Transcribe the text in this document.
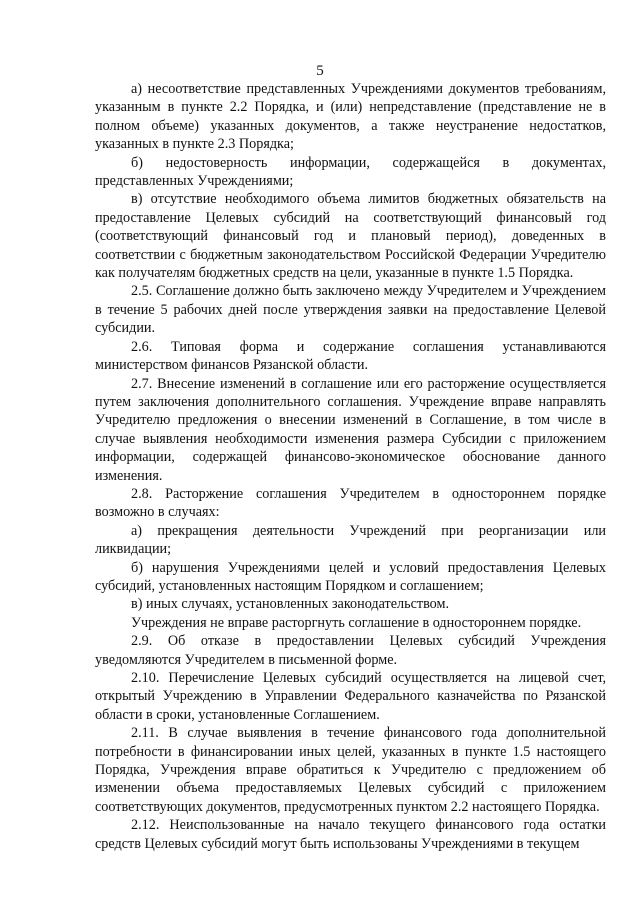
5

а) несоответствие представленных Учреждениями документов требованиям, указанным в пункте 2.2 Порядка, и (или) непредставление (представление не в полном объеме) указанных документов, а также неустранение недостатков, указанных в пункте 2.3 Порядка;

б) недостоверность информации, содержащейся в документах, представленных Учреждениями;

в) отсутствие необходимого объема лимитов бюджетных обязательств на предоставление Целевых субсидий на соответствующий финансовый год (соответствующий финансовый год и плановый период), доведенных в соответствии с бюджетным законодательством Российской Федерации Учредителю как получателям бюджетных средств на цели, указанные в пункте 1.5 Порядка.

2.5. Соглашение должно быть заключено между Учредителем и Учреждением в течение 5 рабочих дней после утверждения заявки на предоставление Целевой субсидии.

2.6. Типовая форма и содержание соглашения устанавливаются министерством финансов Рязанской области.

2.7. Внесение изменений в соглашение или его расторжение осуществляется путем заключения дополнительного соглашения. Учреждение вправе направлять Учредителю предложения о внесении изменений в Соглашение, в том числе в случае выявления необходимости изменения размера Субсидии с приложением информации, содержащей финансово-экономическое обоснование данного изменения.

2.8. Расторжение соглашения Учредителем в одностороннем порядке возможно в случаях:

а) прекращения деятельности Учреждений при реорганизации или ликвидации;

б) нарушения Учреждениями целей и условий предоставления Целевых субсидий, установленных настоящим Порядком и соглашением;

в) иных случаях, установленных законодательством.

Учреждения не вправе расторгнуть соглашение в одностороннем порядке.

2.9. Об отказе в предоставлении Целевых субсидий Учреждения уведомляются Учредителем в письменной форме.

2.10. Перечисление Целевых субсидий осуществляется на лицевой счет, открытый Учреждению в Управлении Федерального казначейства по Рязанской области в сроки, установленные Соглашением.

2.11. В случае выявления в течение финансового года дополнительной потребности в финансировании иных целей, указанных в пункте 1.5 настоящего Порядка, Учреждения вправе обратиться к Учредителю с предложением об изменении объема предоставляемых Целевых субсидий с приложением соответствующих документов, предусмотренных пунктом 2.2 настоящего Порядка.

2.12. Неиспользованные на начало текущего финансового года остатки средств Целевых субсидий могут быть использованы Учреждениями в текущем
